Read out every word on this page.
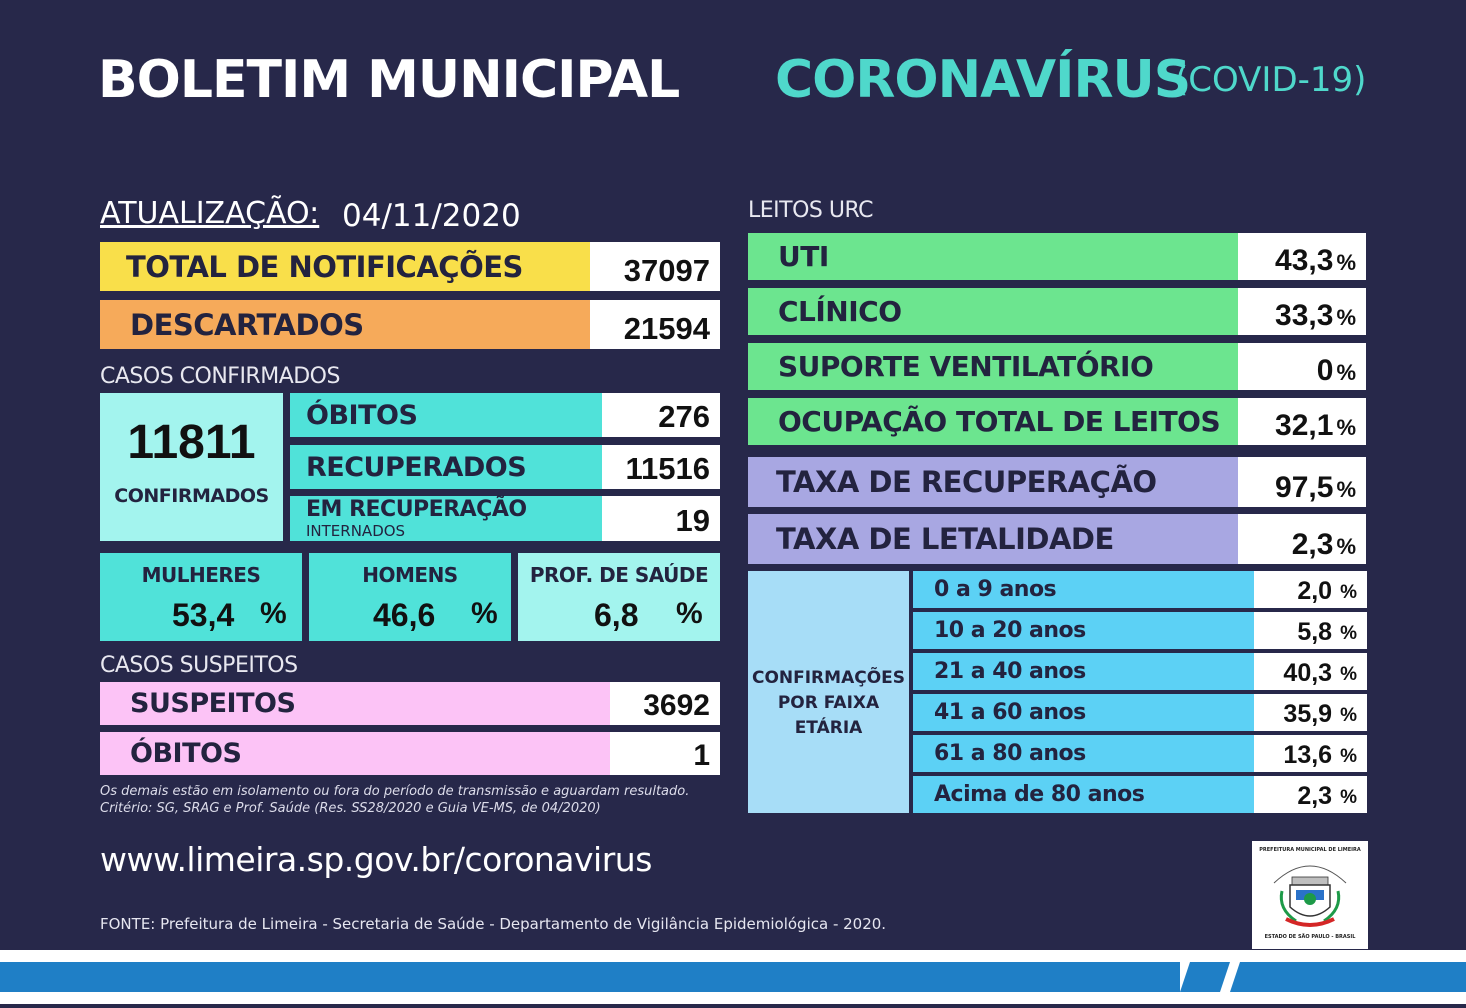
BOLETIM MUNICIPAL CORONAVÍRUS
(COVID-19)
ATUALIZAÇÃO: 04/11/2020
TOTAL DE NOTIFICAÇÕES	37097
DESCARTADOS	21594
CASOS CONFIRMADOS
11811
CONFIRMADOS
ÓBITOS	276
RECUPERADOS	11516
EM RECUPERAÇÃO
INTERNADOS	19
MULHERES
53,4 %
HOMENS
46,6 %
PROF. DE SAÚDE
6,8 %
CASOS SUSPEITOS
SUSPEITOS	3692
ÓBITOS	1
Os demais estão em isolamento ou fora do período de transmissão e aguardam resultado.
Critério: SG, SRAG e Prof. Saúde (Res. SS28/2020 e Guia VE-MS, de 04/2020)
LEITOS URC
UTI	43,3 %
CLÍNICO	33,3 %
SUPORTE VENTILATÓRIO	0 %
OCUPAÇÃO TOTAL DE LEITOS	32,1 %
TAXA DE RECUPERAÇÃO	97,5 %
TAXA DE LETALIDADE	2,3 %
CONFIRMAÇÕES
POR FAIXA
ETÁRIA
0 a 9 anos	2,0 %
10 a 20 anos	5,8 %
21 a 40 anos	40,3 %
41 a 60 anos	35,9 %
61 a 80 anos	13,6 %
Acima de 80 anos	2,3 %
www.limeira.sp.gov.br/coronavirus
FONTE: Prefeitura de Limeira - Secretaria de Saúde - Departamento de Vigilância Epidemiológica - 2020.
PREFEITURA MUNICIPAL DE LIMEIRA
ESTADO DE SÃO PAULO - BRASIL
